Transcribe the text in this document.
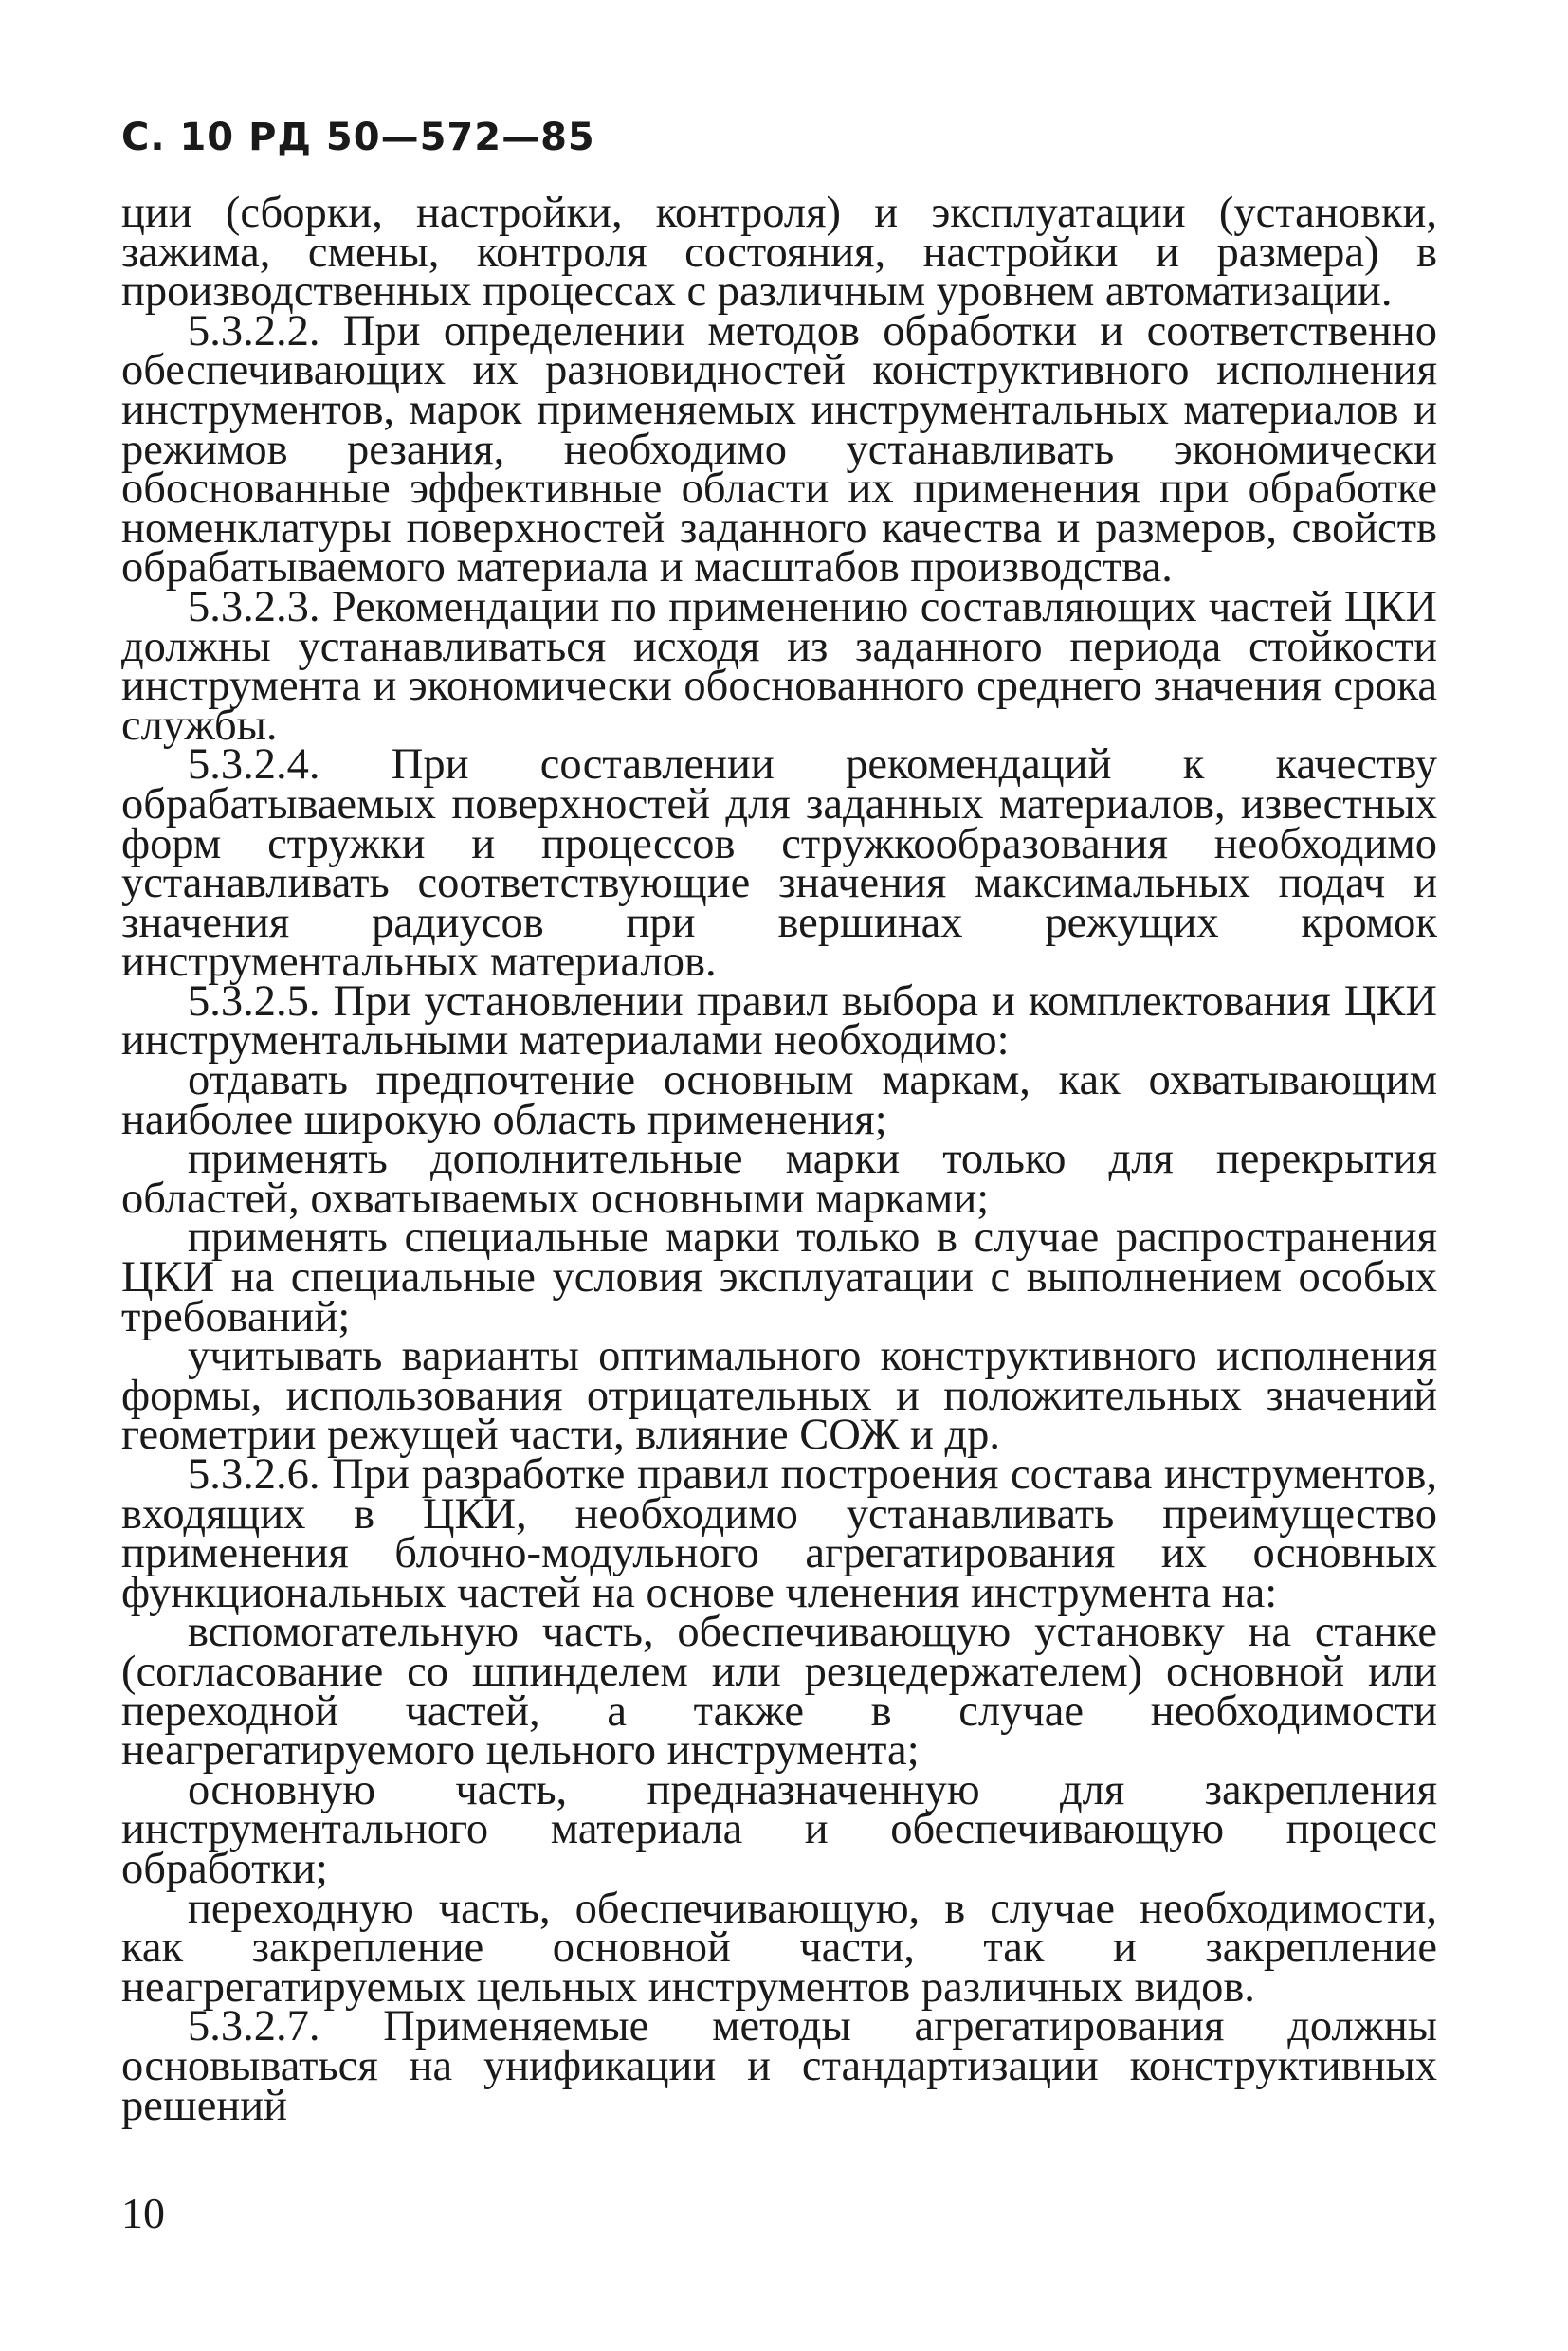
С. 10 РД 50—572—85

ции (сборки, настройки, контроля) и эксплуатации (установки, зажима, смены, контроля состояния, настройки и размера) в производственных процессах с различным уровнем автоматизации.

5.3.2.2. При определении методов обработки и соответственно обеспечивающих их разновидностей конструктивного исполнения инструментов, марок применяемых инструментальных материалов и режимов резания, необходимо устанавливать экономически обоснованные эффективные области их применения при обработке номенклатуры поверхностей заданного качества и размеров, свойств обрабатываемого материала и масштабов производства.

5.3.2.3. Рекомендации по применению составляющих частей ЦКИ должны устанавливаться исходя из заданного периода стойкости инструмента и экономически обоснованного среднего значения срока службы.

5.3.2.4. При составлении рекомендаций к качеству обрабатываемых поверхностей для заданных материалов, известных форм стружки и процессов стружкообразования необходимо устанавливать соответствующие значения максимальных подач и значения радиусов при вершинах режущих кромок инструментальных материалов.

5.3.2.5. При установлении правил выбора и комплектования ЦКИ инструментальными материалами необходимо:

отдавать предпочтение основным маркам, как охватывающим наиболее широкую область применения;

применять дополнительные марки только для перекрытия областей, охватываемых основными марками;

применять специальные марки только в случае распространения ЦКИ на специальные условия эксплуатации с выполнением особых требований;

учитывать варианты оптимального конструктивного исполнения формы, использования отрицательных и положительных значений геометрии режущей части, влияние СОЖ и др.

5.3.2.6. При разработке правил построения состава инструментов, входящих в ЦКИ, необходимо устанавливать преимущество применения блочно-модульного агрегатирования их основных функциональных частей на основе членения инструмента на:

вспомогательную часть, обеспечивающую установку на станке (согласование со шпинделем или резцедержателем) основной или переходной частей, а также в случае необходимости неагрегатируемого цельного инструмента;

основную часть, предназначенную для закрепления инструментального материала и обеспечивающую процесс обработки;

переходную часть, обеспечивающую, в случае необходимости, как закрепление основной части, так и закрепление неагрегатируемых цельных инструментов различных видов.

5.3.2.7. Применяемые методы агрегатирования должны основываться на унификации и стандартизации конструктивных решений

10
